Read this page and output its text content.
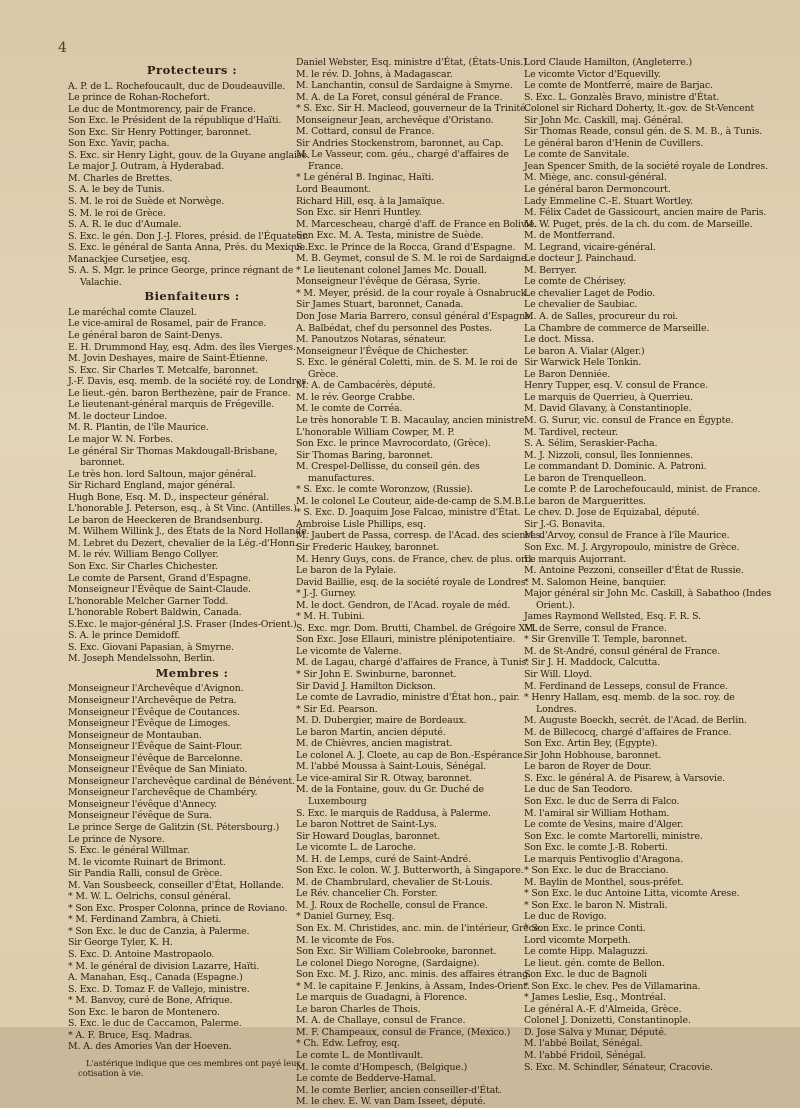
4
Protecteurs :
A. P. de L. Rochefoucault, duc de Doudeauville.
Le prince de Rohan-Rochefort.
Le duc de Montmorency, pair de France.
Son Exc. le Président de la république d'Haïti.
Son Exc. Sir Henry Pottinger, baronnet.
Son Exc. Yavir, pacha.
S. Exc. sir Henry Light, gouv. de la Guyane anglaise.
Le major J. Outram, à Hyderabad.
M. Charles de Brettes.
S. A. le bey de Tunis.
S. M. le roi de Suède et Norwège.
S. M. le roi de Grèce.
S. A. R. le duc d'Aumale.
S. Exc. le gén. Don J.-J. Flores, présid. de l'Équateur.
S. Exc. le général de Santa Anna, Prés. du Mexique.
Manackjee Cursetjee, esq.
S. A. S. Mgr. le prince George, prince régnant de Valachie.
Bienfaiteurs :
Le maréchal comte Clauzel.
Le vice-amiral de Rosamel, pair de France.
Le général baron de Saint-Denys.
E. H. Drummond Hay, esq. Adm. des îles Vierges.
M. Jovin Deshayes, maire de Saint-Étienne.
S. Exc. Sir Charles T. Metcalfe, baronnet.
J.-F. Davis, esq. memb. de la société roy. de Londres.
Le lieut.-gén. baron Berthezène, pair de France.
Le lieutenant-général marquis de Frégeville.
M. le docteur Lindoe.
M. R. Plantin, de l'île Maurice.
Le major W. N. Forbes.
Le général Sir Thomas Makdougall-Brisbane, baronnet.
Le très hon. lord Saltoun, major général.
Sir Richard England, major général.
Hugh Bone, Esq. M. D., inspecteur général.
L'honorable J. Peterson, esq., à St Vinc. (Antilles.)
Le baron de Heeckeren de Brandsenburg.
M. Wilhem Willink J., des États de la Nord Hollande.
M. Lebret du Dezert, chevalier de la Lég.-d'Honn.
M. le rév. William Bengo Collyer.
Son Exc. Sir Charles Chichester.
Le comte de Parsent, Grand d'Espagne.
Monseigneur l'Évêque de Saint-Claude.
L'honorable Melcher Garner Todd.
L'honorable Robert Baldwin, Canada.
S.Exc. le major-général J.S. Fraser (Indes-Orient.)
S. A. le prince Demidoff.
S. Exc. Giovani Papasian, à Smyrne.
M. Joseph Mendelssohn, Berlin.
Membres :
Monseigneur l'Archevêque d'Avignon.
Monseigneur l'Archevêque de Petra.
Monseigneur l'Évêque de Coutances.
Monseigneur l'Évêque de Limoges.
Monseigneur de Montauban.
Monseigneur l'Évêque de Saint-Flour.
Monseigneur l'évêque de Barcelonne.
Monseigneur l'Évêque de San Miniato.
Monseigneur l'archevêque cardinal de Bénévent.
Monseigneur l'archevêque de Chambéry.
Monseigneur l'évêque d'Annecy.
Monseigneur l'évêque de Sura.
Le prince Serge de Galitzin (St. Pétersbourg.)
Le prince de Nysore.
S. Exc. le général Willmar.
M. le vicomte Ruinart de Brimont.
Sir Pandia Ralli, consul de Grèce.
M. Van Sousbeeck, conseiller d'État, Hollande.
* M. W. L. Oelrichs, consul général.
* Son Exc. Prosper Colonna, prince de Roviano.
* M. Ferdinand Zambra, à Chieti.
* Son Exc. le duc de Canzia, à Palerme.
Sir George Tyler, K. H.
S. Exc. D. Antoine Mastropaolo.
* M. le général de division Lazarre, Haïti.
A. Manahan, Esq., Canada (Espagne.)
S. Exc. D. Tomaz F. de Vallejo, ministre.
* M. Banvoy, curé de Bone, Afrique.
Son Exc. le baron de Montenero.
S. Exc. le duc de Caccamon, Palerme.
* A. F. Bruce, Esq. Madras.
M. A. des Amories Van der Hoeven.
L'astérique indique que ces membres ont payé leur cotisation à vie.
Daniel Webster, Esq. ministre d'État, (États-Unis.)
M. le rév. D. Johns, à Madagascar.
M. Lanchantin, consul de Sardaigne à Smyrne.
M. A. de La Foret, consul général de France.
* S. Exc. Sir H. Macleod, gouverneur de la Trinité.
Monseigneur Jean, archevêque d'Oristano.
M. Cottard, consul de France.
Sir Andries Stockenstrom, baronnet, au Cap.
M. Le Vasseur, com. géu., chargé d'affaires de France.
* Le général B. Inginac, Haïti.
Lord Beaumont.
Richard Hill, esq. à la Jamaïque.
Son Exc. sir Henri Huntley.
M. Marcescheau, chargé d'aff. de France en Bolivie.
Son Exc. M. A. Testa, ministre de Suède.
S. Exc. le Prince de la Rocca, Grand d'Espagne.
M. B. Geymet, consul de S. M. le roi de Sardaigne.
* Le lieutenant colonel James Mc. Douall.
Monseigneur l'évêque de Gérasa, Syrie.
* M. Meyer, présid. de la cour royale à Osnabruck.
Sir James Stuart, baronnet, Canada.
Don Jose Maria Barrero, consul général d'Espagne.
A. Balbédat, chef du personnel des Postes.
M. Panoutzos Notaras, sénateur.
Monseigneur l'Évêque de Chichester.
S. Exc. le général Coletti, min. de S. M. le roi de Grèce.
M. A. de Cambacérès, député.
M. le rév. George Crabbe.
M. le comte de Corréa.
Le très honorable T. B. Macaulay, ancien ministre.
L'honorable William Cowper, M. P.
Son Exc. le prince Mavrocordato, (Grèce).
Sir Thomas Baring, baronnet.
M. Crespel-Dellisse, du conseil gén. des manufactures.
* S. Exc. le comte Woronzow, (Russie).
M. le colonel Le Couteur, aide-de-camp de S.M.B.
* S. Exc. D. Joaquim Jose Falcao, ministre d'État.
Ambroise Lisle Phillips, esq.
M. Jaubert de Passa, corresp. de l'Acad. des sciences.
Sir Frederic Haukey, baronnet.
M. Henry Guys, cons. de France, chev. de plus. ord.
Le baron de la Pylaie.
David Baillie, esq. de la société royale de Londres.
* J.-J. Gurney.
M. le doct. Gendron, de l'Acad. royale de méd.
* M. H. Tubini.
S. Exc. mgr. Dom. Brutti, Chambel. de Grégoire XVI.
Son Exc. Jose Ellauri, ministre plénipotentiaire.
Le vicomte de Valerne.
M. de Lagau, chargé d'affaires de France, à Tunis.
* Sir John E. Swinburne, baronnet.
Sir David J. Hamilton Dickson.
Le comte de Lavradio, ministre d'État hon., pair.
* Sir Ed. Pearson.
M. D. Dubergier, maire de Bordeaux.
Le baron Martin, ancien député.
M. de Chièvres, ancien magistrat.
Le colonel A. J. Cloete, au cap de Bon.-Espérance.
M. l'abbé Moussa à Saint-Louis, Sénégal.
Le vice-amiral Sir R. Otway, baronnet.
M. de la Fontaine, gouv. du Gr. Duché de Luxembourg
S. Exc. le marquis de Raddusa, à Palerme.
Le baron Nottret de Saint-Lys.
Sir Howard Douglas, baronnet.
Le vicomte L. de Laroche.
M. H. de Lemps, curé de Saint-André.
Son Exc. le colon. W. J. Butterworth, à Singapore.
M. de Chambrulard, chevalier de St-Louis.
Le Rév. chancelier Ch. Forster.
M. J. Roux de Rochelle, consul de France.
* Daniel Gurney, Esq.
Son Ex. M. Christides, anc. min. de l'intérieur, Grèce.
M. le vicomte de Fos.
Son Exc. Sir William Colebrooke, baronnet.
Le colonel Diego Norogne, (Sardaigne).
Son Exc. M. J. Rizo, anc. minis. des affaires étrang.
* M. le capitaine F. Jenkins, à Assam, Indes-Orient.
Le marquis de Guadagni, à Florence.
Le baron Charles de Thois.
M. A. de Challaye, consul de France.
M. F. Champeaux, consul de France, (Mexico.)
* Ch. Edw. Lefroy, esq.
Le comte L. de Montlivault.
M. le comte d'Hompesch, (Belgique.)
Le comte de Bedderve-Hamal.
M. le comte Berlier, ancien conseiller-d'État.
M. le chev. E. W. van Dam Isseet, député.
Lord Claude Hamilton, (Angleterre.)
Le vicomte Victor d'Equevilly.
Le comte de Montferré, maire de Barjac.
S. Exc. L. Gonzalès Bravo, ministre d'État.
Colonel sir Richard Doherty, lt.-gov. de St-Vencent
Sir John Mc. Caskill, maj. Général.
Sir Thomas Reade, consul gén. de S. M. B., à Tunis.
Le général baron d'Henin de Cuvillers.
Le comte de Sanvitale.
Jean Spencer Smith, de la société royale de Londres.
M. Miège, anc. consul-général.
Le général baron Dermoncourt.
Lady Emmeline C.-E. Stuart Wortley.
M. Félix Cadet de Gassicourt, ancien maire de Paris.
M. W. Puget, prés. de la ch. du com. de Marseille.
M. de Montferrand.
M. Legrand, vicaire-général.
Le docteur J. Painchaud.
M. Berryer.
Le comte de Chérisey.
Le chevalier Laget de Podio.
Le chevalier de Saubiac.
M. A. de Salles, procureur du roi.
La Chambre de commerce de Marseille.
Le doct. Missa.
Le baron A. Vialar (Alger.)
Sir Warwick Hele Tonkin.
Le Baron Denniée.
Henry Tupper, esq. V. consul de France.
Le marquis de Querrieu, à Querrieu.
M. David Glavany, à Constantinople.
M. G. Surur, vic. consul de France en Égypte.
M. Tardivel, recteur.
S. A. Sélim, Seraskier-Pacha.
M. J. Nizzoli, consul, îles Ionniennes.
Le commandant D. Dominic. A. Patroni.
Le baron de Trenquelleon.
Le comte P. de Larochefoucauld, minist. de France.
Le baron de Marguerittes.
Le chev. D. Jose de Equizabal, député.
Sir J.-G. Bonavita.
M. d'Arvoy, consul de France à l'île Maurice.
Son Exc. M. J. Argyropoulo, ministre de Grèce.
Le marquis Aujorrant.
M. Antoine Pezzoni, conseiller d'État de Russie.
* M. Salomon Heine, banquier.
Major général sir John Mc. Caskill, à Sabathoo (Indes Orient.).
James Raymond Wellsted, Esq. F. R. S.
M. de Serre, consul de France.
* Sir Grenville T. Temple, baronnet.
M. de St-André, consul général de France.
* Sir J. H. Maddock, Calcutta.
Sir Will. Lloyd.
M. Ferdinand de Lesseps, consul de France.
* Henry Hallam, esq. memb. de la soc. roy. de Londres.
M. Auguste Boeckh, secrét. de l'Acad. de Berlin.
M. de Billecocq, chargé d'affaires de France.
Son Exc. Artin Bey, (Égypte).
Sir John Hobhouse, baronnet.
Le baron de Royer de Dour.
S. Exc. le général A. de Pisarew, à Varsovie.
Le duc de San Teodoro.
Son Exc. le duc de Serra di Falco.
M. l'amiral sir William Hotham.
Le comte de Vesins, maire d'Alger.
Son Exc. le comte Martorelli, ministre.
Son Exc. le comte J.-B. Roberti.
Le marquis Pentivoglio d'Aragona.
* Son Exc. le duc de Bracciano.
M. Baylin de Monthel, sous-préfet.
* Son Exc. le duc Antoine Litta, vicomte Arese.
* Son Exc. le baron N. Mistrali.
Le duc de Rovigo.
* Son Exc. le prince Conti.
Lord vicomte Morpeth.
Le comte Hipp. Malaguzzi.
Le lieut. gén. comte de Bellon.
Son Exc. le duc de Bagnoli
* Son Exc. le chev. Pes de Villamarina.
* James Leslie, Esq., Montréal.
Le général A.-F. d'Almeida, Grèce.
Colonel J. Donizetti, Constantinople.
D. Jose Salva y Munar, Député.
M. l'abbé Boilat, Sénégal.
M. l'abbé Fridoil, Sénégal.
S. Exc. M. Schindler, Sénateur, Cracovie.
